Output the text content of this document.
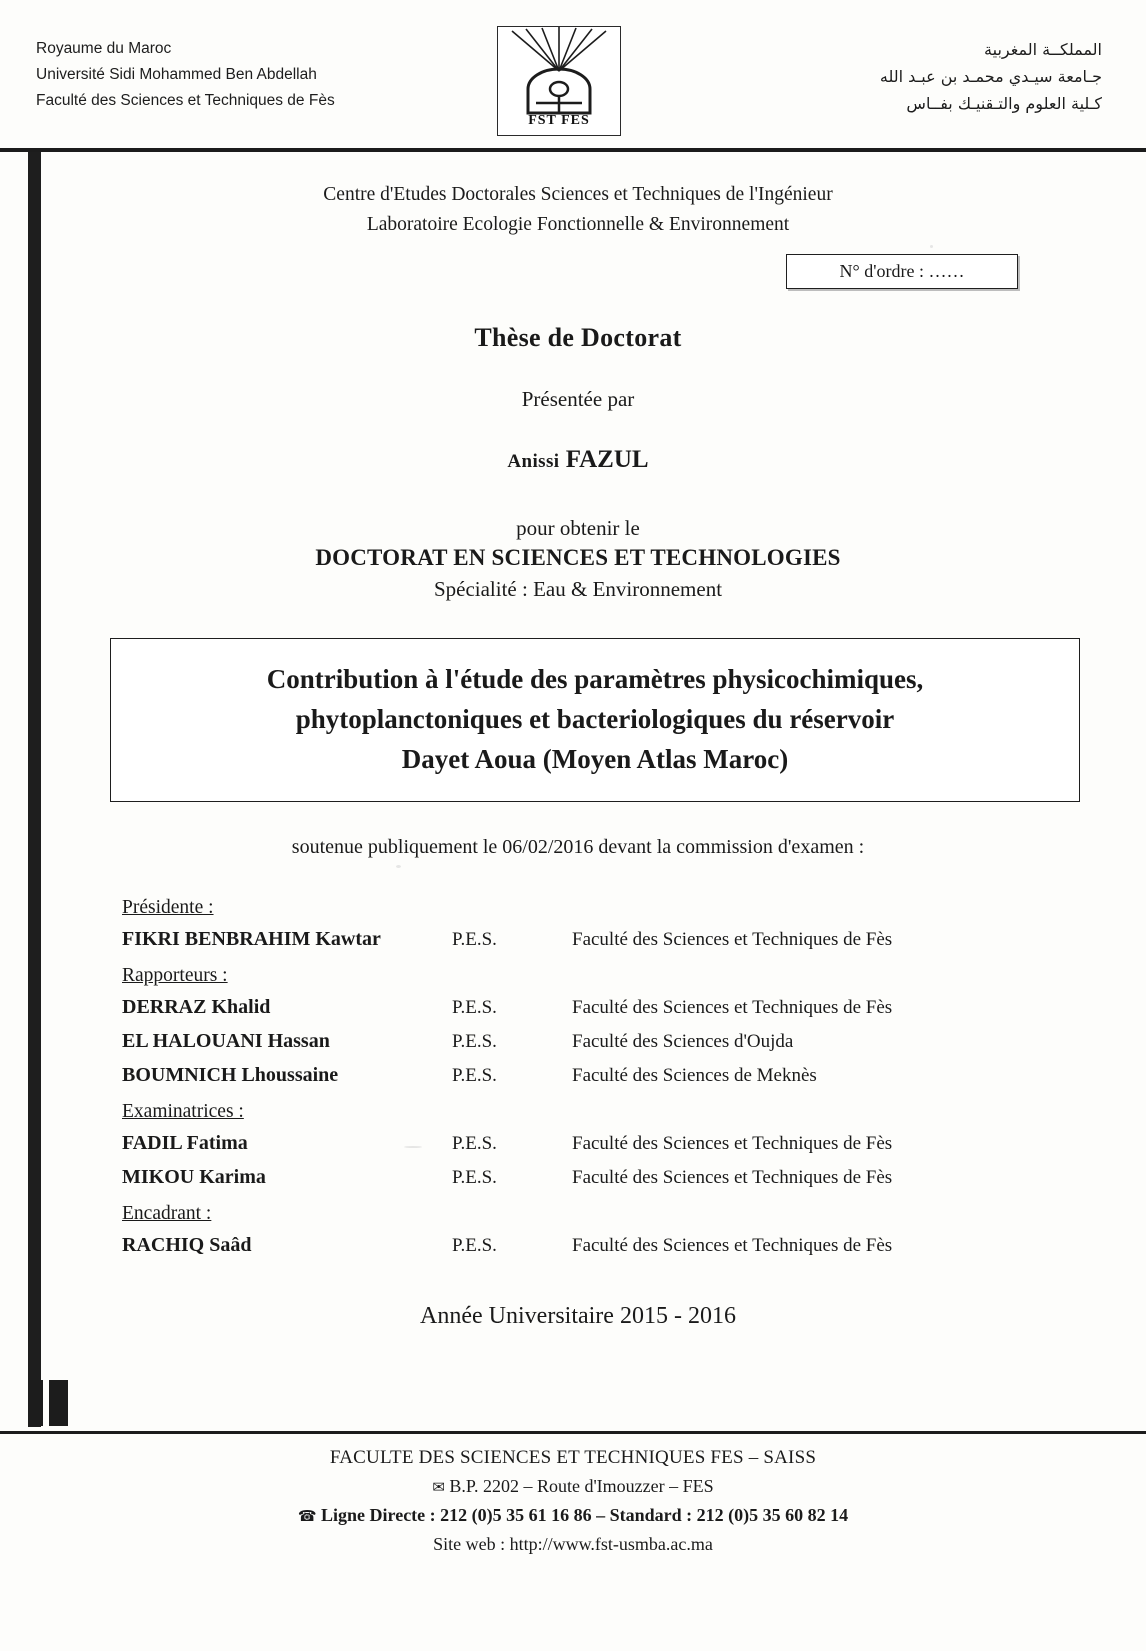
Royaume du Maroc
Université Sidi Mohammed Ben Abdellah
Faculté des Sciences et Techniques de Fès
FST FES
المملكــة المغربية
جـامعة سيـدي محمـد بن عبـد الله
كـلية العلوم والتـقنيـك بفــاس
Centre d'Etudes Doctorales Sciences et Techniques de l'Ingénieur
Laboratoire Ecologie Fonctionnelle & Environnement
N° d'ordre : ……
Thèse de Doctorat
Présentée par
Anissi FAZUL
pour obtenir le
DOCTORAT EN SCIENCES ET TECHNOLOGIES
Spécialité : Eau & Environnement
Contribution à l'étude des paramètres physicochimiques,
phytoplanctoniques et bacteriologiques du réservoir
Dayet Aoua (Moyen Atlas Maroc)
soutenue publiquement le 06/02/2016 devant la commission d'examen :
Présidente :
FIKRI BENBRAHIM Kawtar	P.E.S.	Faculté des Sciences et Techniques de Fès
Rapporteurs :
DERRAZ Khalid	P.E.S.	Faculté des Sciences et Techniques de Fès
EL HALOUANI Hassan	P.E.S.	Faculté des Sciences d'Oujda
BOUMNICH Lhoussaine	P.E.S.	Faculté des Sciences de Meknès
Examinatrices :
FADIL Fatima	P.E.S.	Faculté des Sciences et Techniques de Fès
MIKOU Karima	P.E.S.	Faculté des Sciences et Techniques de Fès
Encadrant :
RACHIQ Saâd	P.E.S.	Faculté des Sciences et Techniques de Fès
Année Universitaire 2015 - 2016
FACULTE DES SCIENCES ET TECHNIQUES FES – SAISS
✉ B.P. 2202 – Route d'Imouzzer – FES
☎ Ligne Directe : 212 (0)5 35 61 16 86 – Standard : 212 (0)5 35 60 82 14
Site web : http://www.fst-usmba.ac.ma
